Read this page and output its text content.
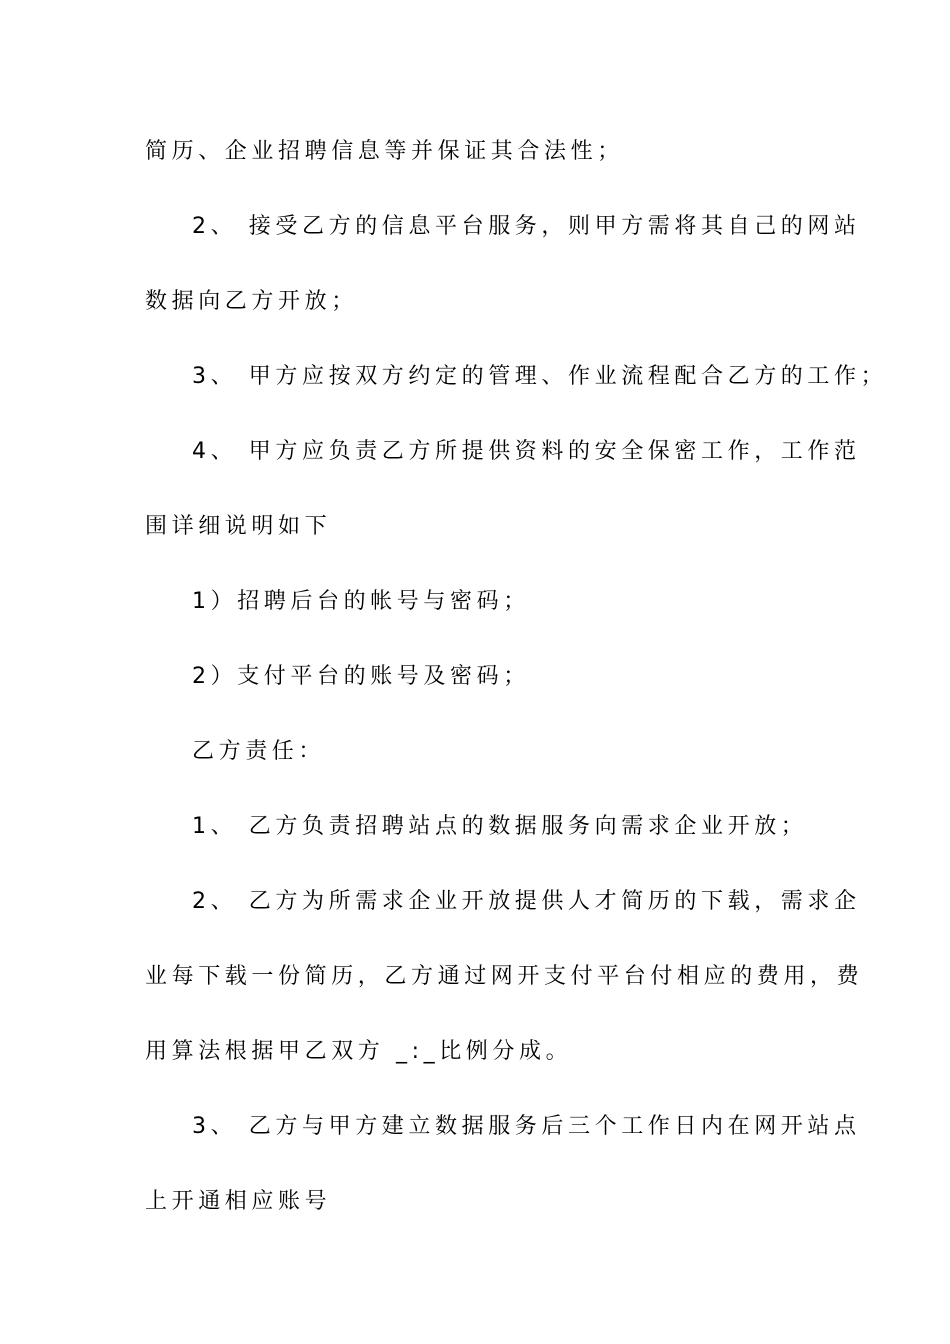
简历、企业招聘信息等并保证其合法性；
2、 接受乙方的信息平台服务，则甲方需将其自己的网站
数据向乙方开放；
3、 甲方应按双方约定的管理、作业流程配合乙方的工作；
4、 甲方应负责乙方所提供资料的安全保密工作，工作范
围详细说明如下
1）招聘后台的帐号与密码；
2）支付平台的账号及密码；
乙方责任：
1、 乙方负责招聘站点的数据服务向需求企业开放；
2、 乙方为所需求企业开放提供人才简历的下载，需求企
业每下载一份简历，乙方通过网开支付平台付相应的费用，费
用算法根据甲乙双方 _:_比例分成。
3、 乙方与甲方建立数据服务后三个工作日内在网开站点
上开通相应账号
